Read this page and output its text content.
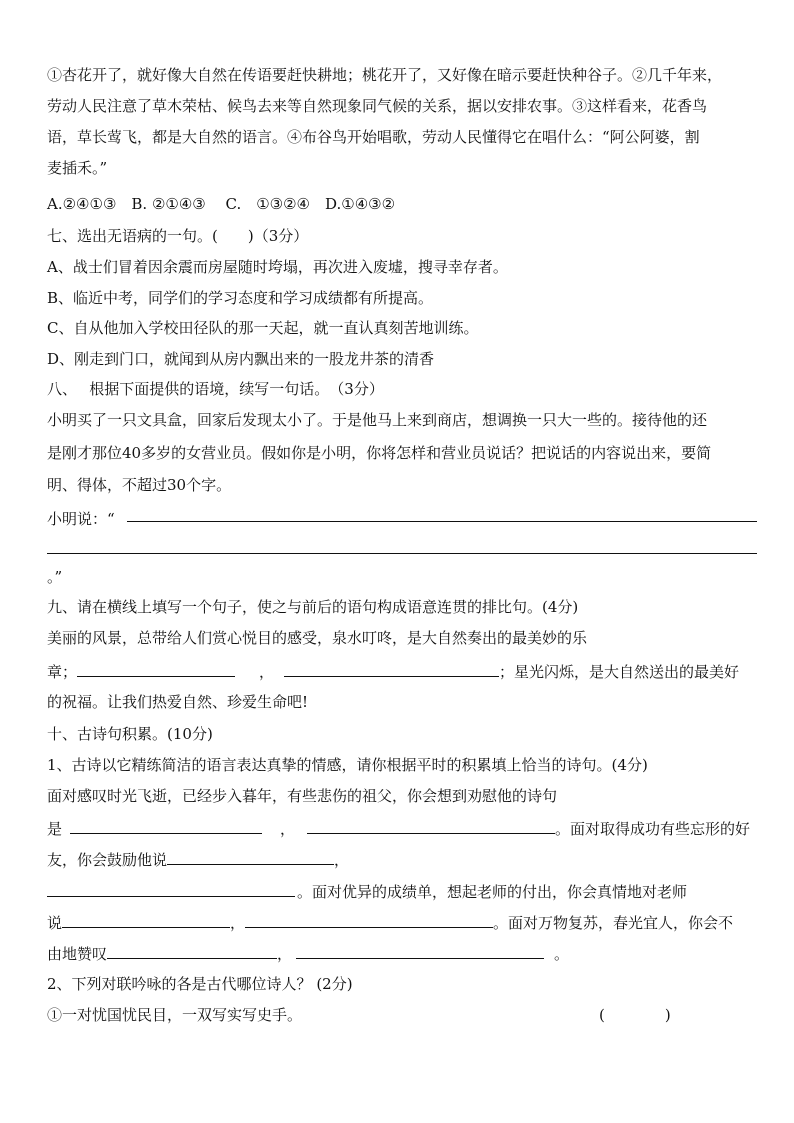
①杏花开了，就好像大自然在传语要赶快耕地；桃花开了，又好像在暗示要赶快种谷子。②几千年来，
劳动人民注意了草木荣枯、候鸟去来等自然现象同气候的关系，据以安排农事。③这样看来，花香鸟
语，草长莺飞，都是大自然的语言。④布谷鸟开始唱歌，劳动人民懂得它在唱什么：“阿公阿婆，割
麦插禾。”
A.②④①③　B. ②①④③　 C.　①③②④　D.①④③②
七、选出无语病的一句。(　　)（3分）
A、战士们冒着因余震而房屋随时垮塌，再次进入废墟，搜寻幸存者。
B、临近中考，同学们的学习态度和学习成绩都有所提高。
C、自从他加入学校田径队的那一天起，就一直认真刻苦地训练。
D、刚走到门口，就闻到从房内飘出来的一股龙井茶的清香
八、　 根据下面提供的语境，续写一句话。　（3分）
小明买了一只文具盒，回家后发现太小了。于是他马上来到商店，想调换一只大一些的。接待他的还
是刚才那位40多岁的女营业员。假如你是小明，你将怎样和营业员说话？把说话的内容说出来，要简
明、得体，不超过30个字。
小明说：“
。”
九、请在横线上填写一个句子，使之与前后的语句构成语意连贯的排比句。(4分)
美丽的风景，总带给人们赏心悦目的感受，泉水叮咚，是大自然奏出的最美妙的乐
章；	，	；星光闪烁，是大自然送出的最美好
的祝福。让我们热爱自然、珍爱生命吧!
十、古诗句积累。(10分)
1、古诗以它精练简洁的语言表达真挚的情感，请你根据平时的积累填上恰当的诗句。(4分)
面对感叹时光飞逝，已经步入暮年，有些悲伤的祖父，你会想到劝慰他的诗句
是	，	。面对取得成功有些忘形的好
友，你会鼓励他说	，
。面对优异的成绩单，想起老师的付出，你会真情地对老师
说	，	。面对万物复苏，春光宜人，你会不
由地赞叹	，	。
2、下列对联吟咏的各是古代哪位诗人？ (2分)
①一对忧国忧民目，一双写实写史手。	(　　　　)
